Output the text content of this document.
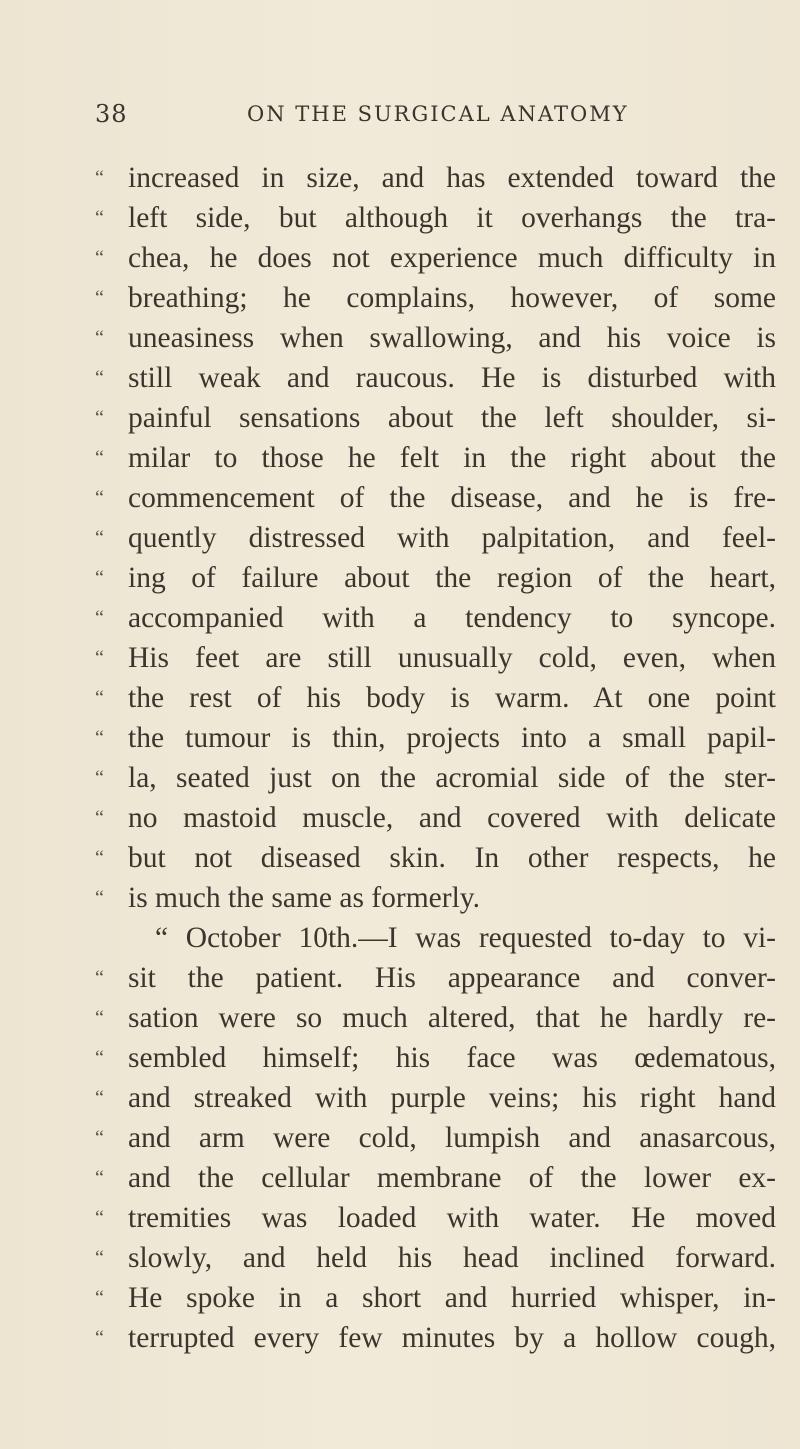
38	ON THE SURGICAL ANATOMY
“ increased in size, and has extended toward the
“ left side, but although it overhangs the tra-
“ chea, he does not experience much difficulty in
“ breathing; he complains, however, of some
“ uneasiness when swallowing, and his voice is
“ still weak and raucous. He is disturbed with
“ painful sensations about the left shoulder, si-
“ milar to those he felt in the right about the
“ commencement of the disease, and he is fre-
“ quently distressed with palpitation, and feel-
“ ing of failure about the region of the heart,
“ accompanied with a tendency to syncope.
“ His feet are still unusually cold, even, when
“ the rest of his body is warm. At one point
“ the tumour is thin, projects into a small papil-
“ la, seated just on the acromial side of the ster-
“ no mastoid muscle, and covered with delicate
“ but not diseased skin. In other respects, he
“ is much the same as formerly.
“ October 10th.—I was requested to-day to vi-
“ sit the patient. His appearance and conver-
“ sation were so much altered, that he hardly re-
“ sembled himself; his face was œdematous,
“ and streaked with purple veins; his right hand
“ and arm were cold, lumpish and anasarcous,
“ and the cellular membrane of the lower ex-
“ tremities was loaded with water. He moved
“ slowly, and held his head inclined forward.
“ He spoke in a short and hurried whisper, in-
“ terrupted every few minutes by a hollow cough,
